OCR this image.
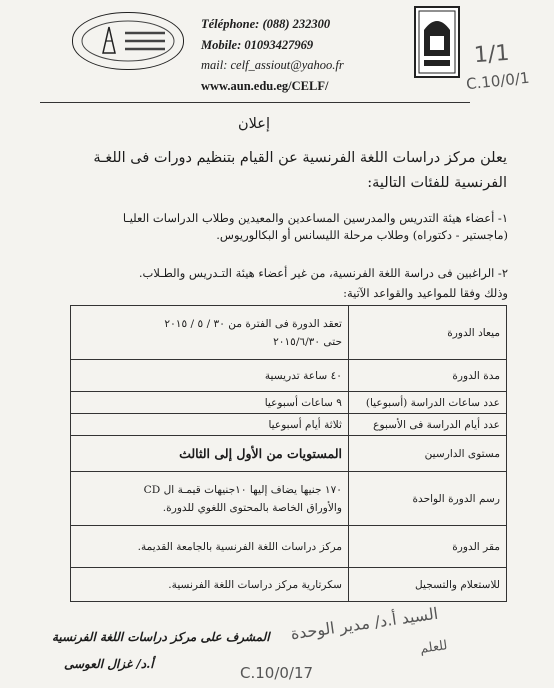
Téléphone: (088) 232300
Mobile: 01093427969
mail: celf_assiout@yahoo.fr
www.aun.edu.eg/CELF/
1/1
C.10/0/1
إعلان
يعلن مركز دراسات اللغة الفرنسية عن القيام بتنظيم دورات فى اللغـة الفرنسية للفئات التالية:
١- أعضاء هيئة التدريس والمدرسين المساعدين والمعيدين وطلاب الدراسات العليـا (ماجستير - دكتوراه) وطلاب مرحلة الليسانس أو البكالوريوس.
٢- الراغبين فى دراسة اللغة الفرنسية، من غير أعضاء هيئة التـدريس والطـلاب.
وذلك وفقا للمواعيد والقواعد الآتية:
ميعاد الدورة	تعقد الدورة فى الفترة من ٣٠ / ٥ / ٢٠١٥
حتى ٢٠١٥/٦/٣٠

مدة الدورة	٤٠ ساعة تدريسية
عدد ساعات الدراسة (أسبوعيا)	٩ ساعات أسبوعيا
عدد أيام الدراسة فى الأسبوع	ثلاثة أيام أسبوعيا
مستوى الدارسين	المستويات من الأول إلى الثالث
رسم الدورة الواحدة	١٧٠ جنيها يضاف إليها ١٠جنيهات قيمـة ال CD
والأوراق الخاصة بالمحتوى اللغوي للدورة.

مقر الدورة	مركز دراسات اللغة الفرنسية بالجامعة القديمة.
للاستعلام والتسجيل	سكرتارية مركز دراسات اللغة الفرنسية.
السيد أ.د/ مدير الوحدة
للعلم
C.10/0/17
المشرف على مركز دراسات اللغة الفرنسية
أ.د/ غزال العوسى
